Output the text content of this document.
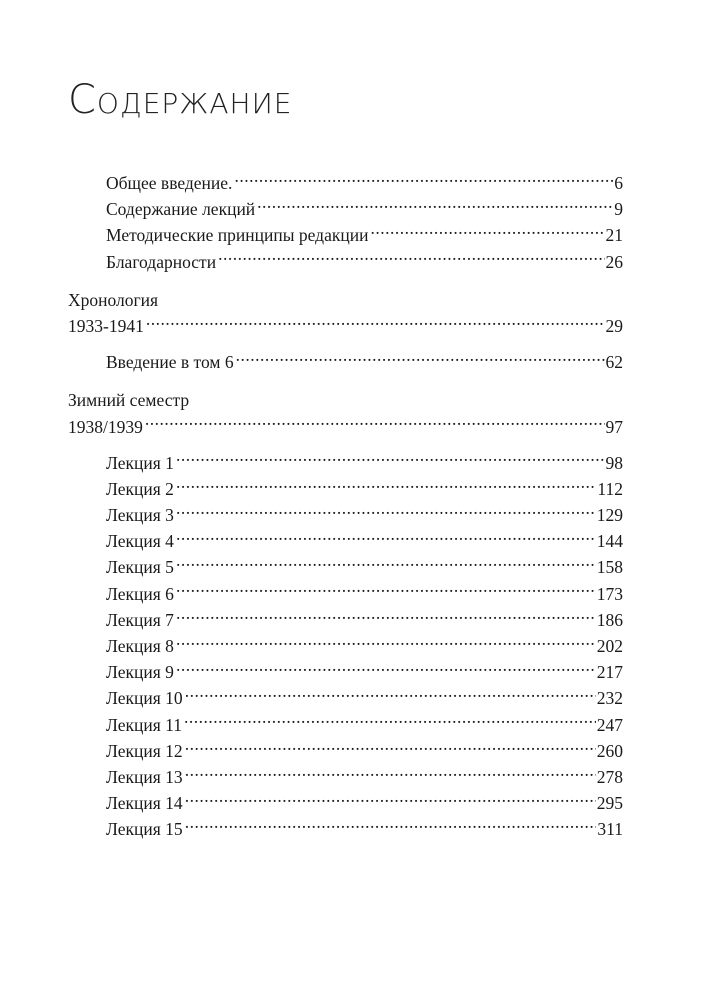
Содержание
Общее введение. .....	6
Содержание лекций .....	9
Методические принципы редакции .....	21
Благодарности .....	26
Хронология
1933-1941 .....	29
Введение в том 6 .....	62
Зимний семестр
1938/1939 .....	97
Лекция 1 .....	98
Лекция 2 .....	112
Лекция 3 .....	129
Лекция 4 .....	144
Лекция 5 .....	158
Лекция 6 .....	173
Лекция 7 .....	186
Лекция 8 .....	202
Лекция 9 .....	217
Лекция 10 .....	232
Лекция 11 .....	247
Лекция 12 .....	260
Лекция 13 .....	278
Лекция 14 .....	295
Лекция 15 .....	311
